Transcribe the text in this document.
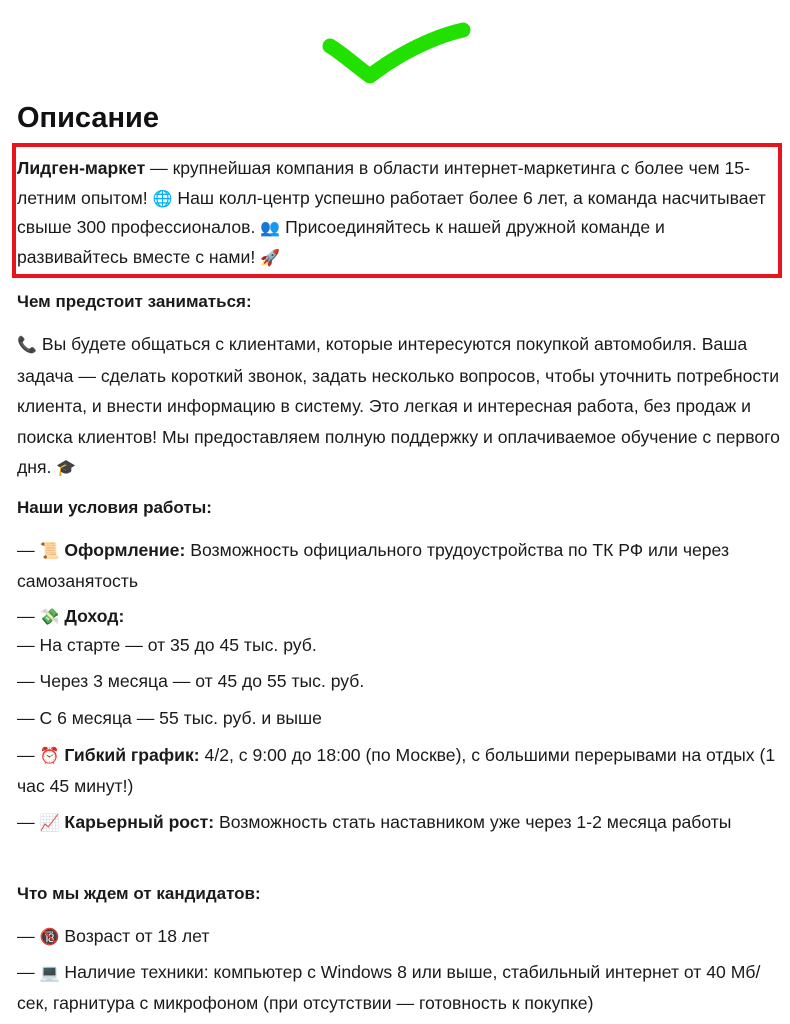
Описание

Лидген-маркет — крупнейшая компания в области интернет-маркетинга с более чем 15-летним опытом! 🌐 Наш колл-центр успешно работает более 6 лет, а команда насчитывает свыше 300 профессионалов. 👥 Присоединяйтесь к нашей дружной команде и развивайтесь вместе с нами! 🚀

Чем предстоит заниматься:

📞 Вы будете общаться с клиентами, которые интересуются покупкой автомобиля. Ваша задача — сделать короткий звонок, задать несколько вопросов, чтобы уточнить потребности клиента, и внести информацию в систему. Это легкая и интересная работа, без продаж и поиска клиентов! Мы предоставляем полную поддержку и оплачиваемое обучение с первого дня. 🎓

Наши условия работы:

— 📜 Оформление: Возможность официального трудоустройства по ТК РФ или через самозанятость

— 💸 Доход:

— На старте — от 35 до 45 тыс. руб.

— Через 3 месяца — от 45 до 55 тыс. руб.

— С 6 месяца — 55 тыс. руб. и выше

— ⏰ Гибкий график: 4/2, с 9:00 до 18:00 (по Москве), с большими перерывами на отдых (1 час 45 минут!)

— 📈 Карьерный рост: Возможность стать наставником уже через 1-2 месяца работы

Что мы ждем от кандидатов:

— 🔞 Возраст от 18 лет

— 💻 Наличие техники: компьютер с Windows 8 или выше, стабильный интернет от 40 Мб/сек, гарнитура с микрофоном (при отсутствии — готовность к покупке)
